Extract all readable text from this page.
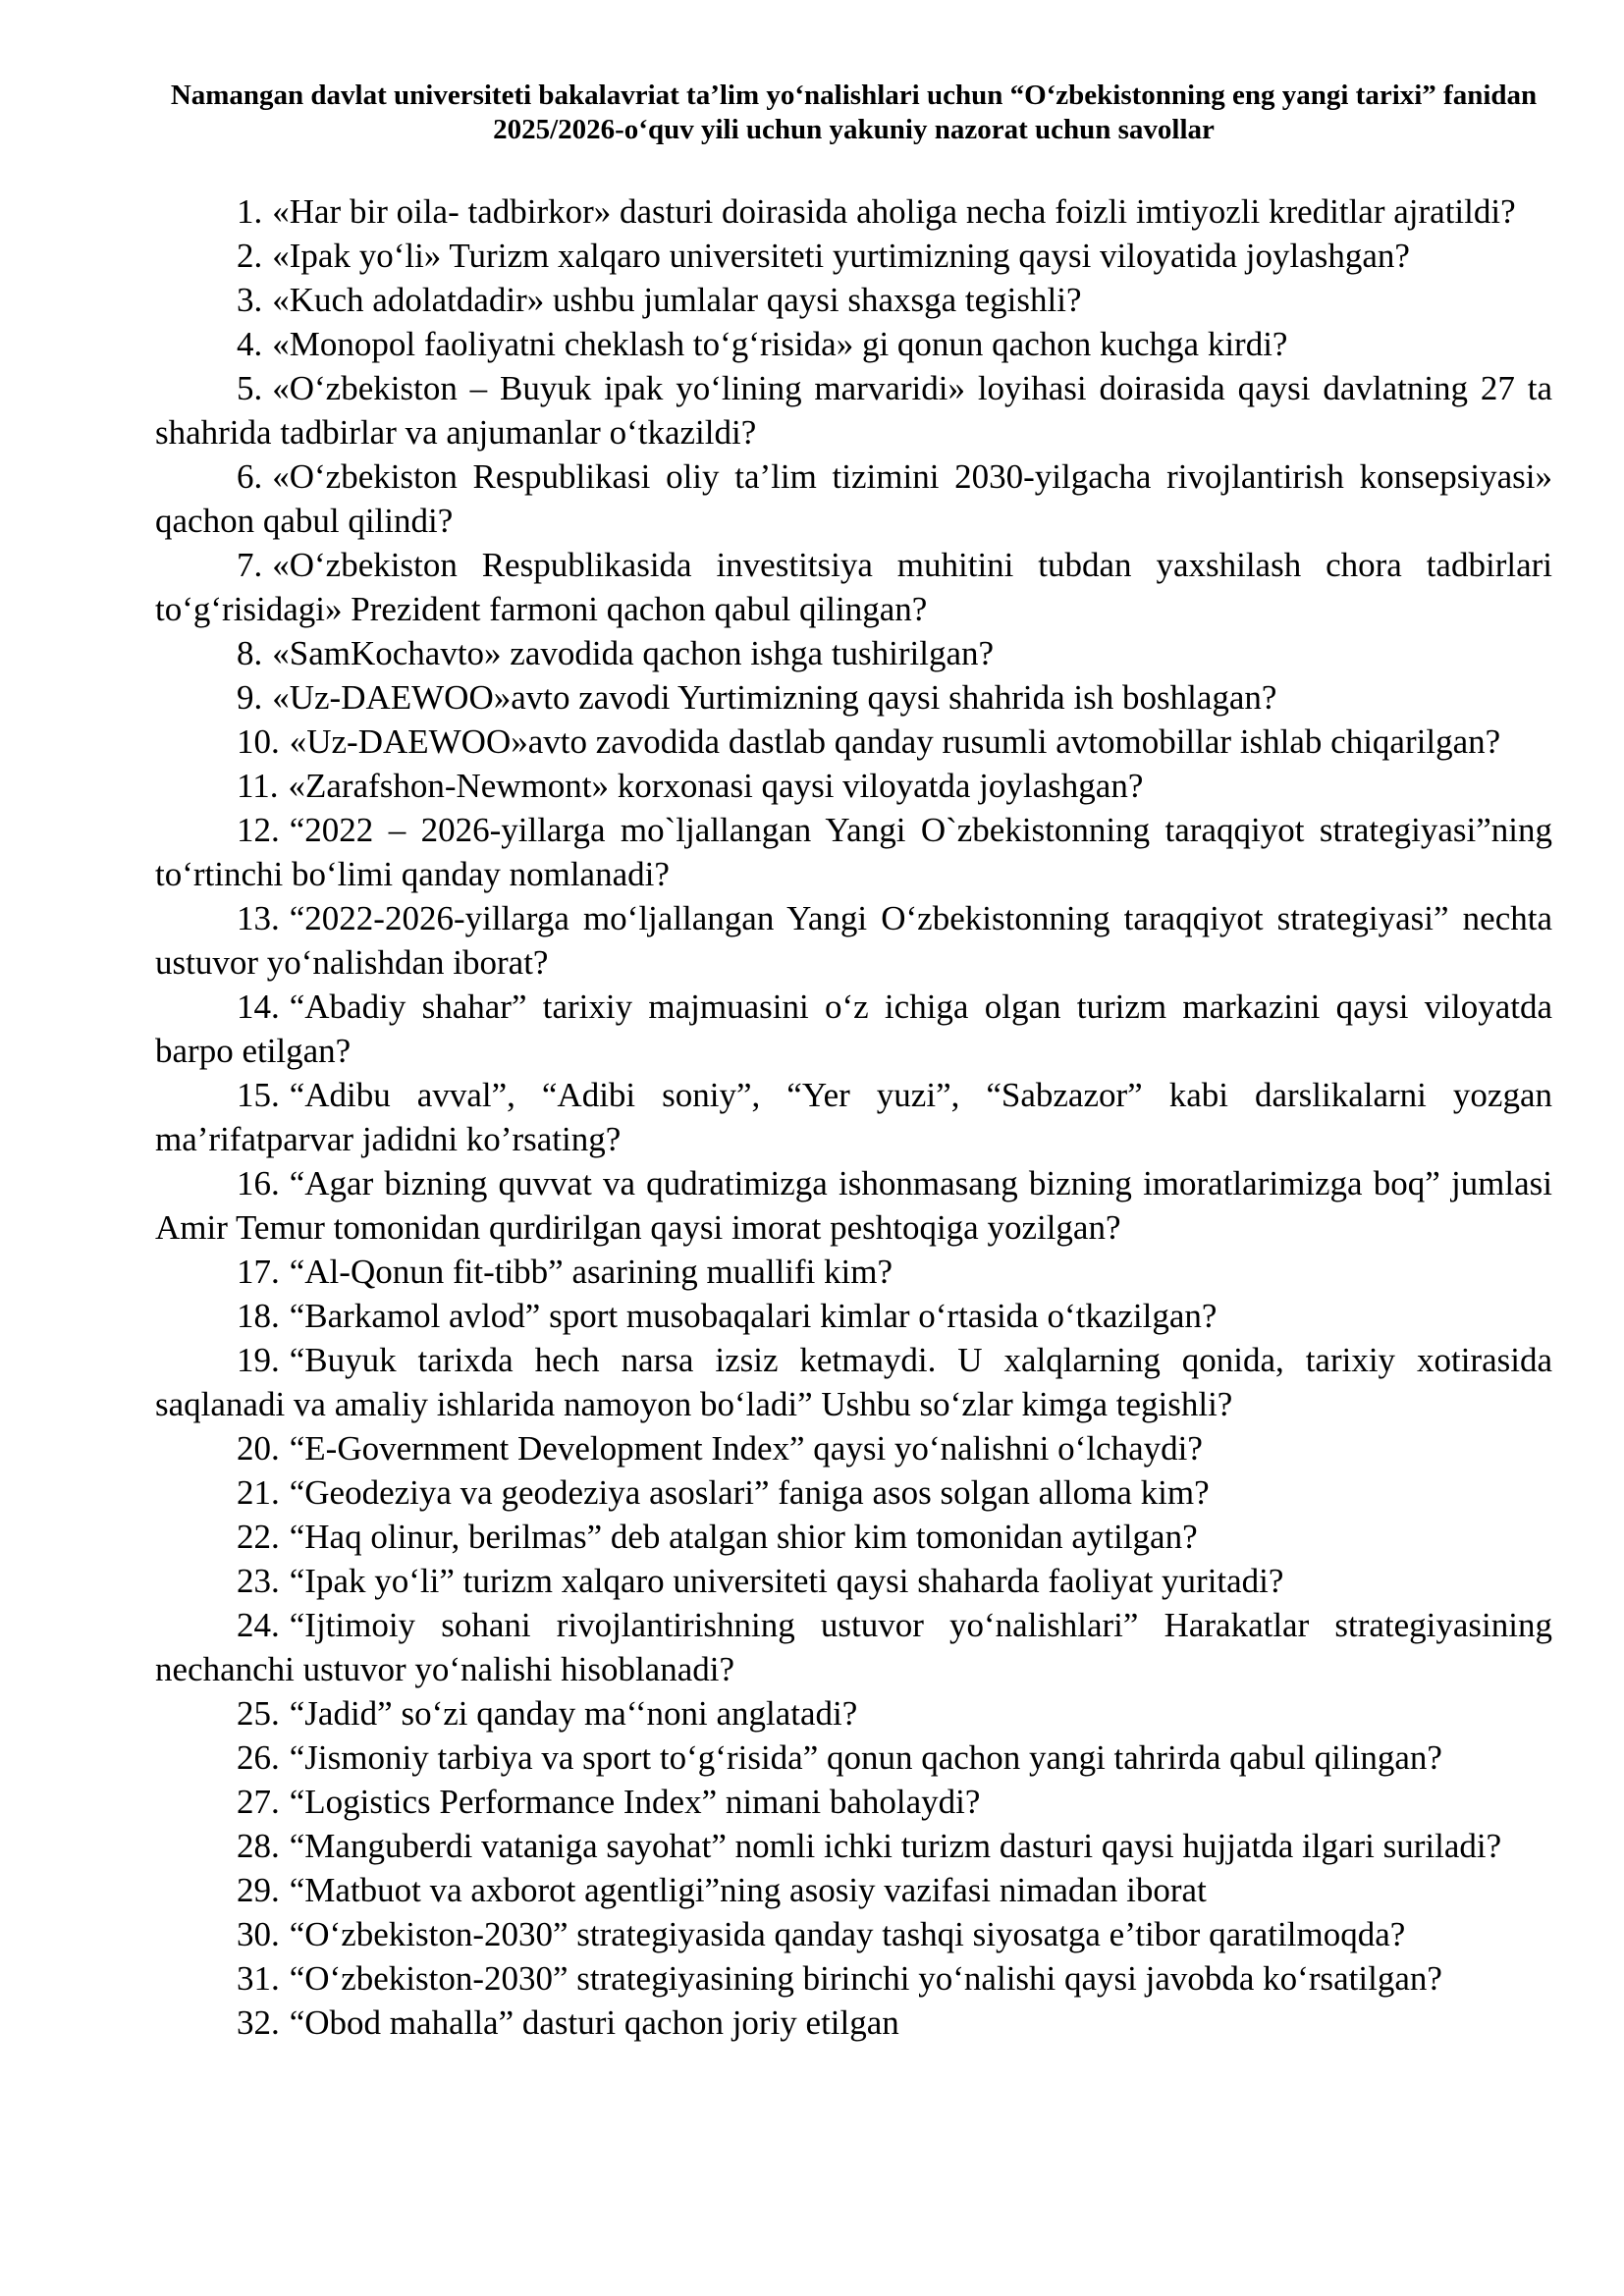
Namangan davlat universiteti bakalavriat ta’lim yo‘nalishlari uchun “O‘zbekistonning eng yangi tarixi” fanidan 2025/2026-o‘quv yili uchun yakuniy nazorat uchun savollar
1. «Har bir oila- tadbirkor» dasturi doirasida aholiga necha foizli imtiyozli kreditlar ajratildi?
2. «Ipak yo‘li» Turizm xalqaro universiteti yurtimizning qaysi viloyatida joylashgan?
3. «Kuch adolatdadir» ushbu jumlalar qaysi shaxsga tegishli?
4. «Monopol faoliyatni cheklash to‘g‘risida» gi qonun qachon kuchga kirdi?
5. «O‘zbekiston – Buyuk ipak yo‘lining marvaridi» loyihasi doirasida qaysi davlatning 27 ta shahrida tadbirlar va anjumanlar o‘tkazildi?
6. «O‘zbekiston Respublikasi oliy ta’lim tizimini 2030-yilgacha rivojlantirish konsepsiyasi» qachon qabul qilindi?
7. «O‘zbekiston Respublikasida investitsiya muhitini tubdan yaxshilash chora tadbirlari to‘g‘risidagi» Prezident farmoni qachon qabul qilingan?
8. «SamKochavto» zavodida qachon ishga tushirilgan?
9. «Uz-DAEWOO»avto zavodi Yurtimizning qaysi shahrida ish boshlagan?
10. «Uz-DAEWOO»avto zavodida dastlab qanday rusumli avtomobillar ishlab chiqarilgan?
11. «Zarafshon-Newmont» korxonasi qaysi viloyatda joylashgan?
12. “2022 – 2026-yillarga mo`ljallangan Yangi O`zbekistonning taraqqiyot strategiyasi”ning to‘rtinchi bo‘limi qanday nomlanadi?
13. “2022-2026-yillarga mo‘ljallangan Yangi O‘zbekistonning taraqqiyot strategiyasi” nechta ustuvor yo‘nalishdan iborat?
14. “Abadiy shahar” tarixiy majmuasini o‘z ichiga olgan turizm markazini qaysi viloyatda barpo etilgan?
15. “Adibu avval”, “Adibi soniy”, “Yer yuzi”, “Sabzazor” kabi darslikalarni yozgan ma’rifatparvar jadidni ko’rsating?
16. “Agar bizning quvvat va qudratimizga ishonmasang bizning imoratlarimizga boq” jumlasi Amir Temur tomonidan qurdirilgan qaysi imorat peshtoqiga yozilgan?
17. “Al-Qonun fit-tibb” asarining muallifi kim?
18. “Barkamol avlod” sport musobaqalari kimlar o‘rtasida o‘tkazilgan?
19. “Buyuk tarixda hech narsa izsiz ketmaydi. U xalqlarning qonida, tarixiy xotirasida saqlanadi va amaliy ishlarida namoyon bo‘ladi” Ushbu so‘zlar kimga tegishli?
20. “E-Government Development Index” qaysi yo‘nalishni o‘lchaydi?
21. “Geodeziya va geodeziya asoslari” faniga asos solgan alloma kim?
22. “Haq olinur, berilmas” deb atalgan shior kim tomonidan aytilgan?
23. “Ipak yo‘li” turizm xalqaro universiteti qaysi shaharda faoliyat yuritadi?
24. “Ijtimoiy sohani rivojlantirishning ustuvor yo‘nalishlari” Harakatlar strategiyasining nechanchi ustuvor yo‘nalishi hisoblanadi?
25. “Jadid” so‘zi qanday ma‘‘noni anglatadi?
26. “Jismoniy tarbiya va sport to‘g‘risida” qonun qachon yangi tahrirda qabul qilingan?
27. “Logistics Performance Index” nimani baholaydi?
28. “Manguberdi vataniga sayohat” nomli ichki turizm dasturi qaysi hujjatda ilgari suriladi?
29. “Matbuot va axborot agentligi”ning asosiy vazifasi nimadan iborat
30. “O‘zbekiston-2030” strategiyasida qanday tashqi siyosatga e’tibor qaratilmoqda?
31. “O‘zbekiston-2030” strategiyasining birinchi yo‘nalishi qaysi javobda ko‘rsatilgan?
32. “Obod mahalla” dasturi qachon joriy etilgan
